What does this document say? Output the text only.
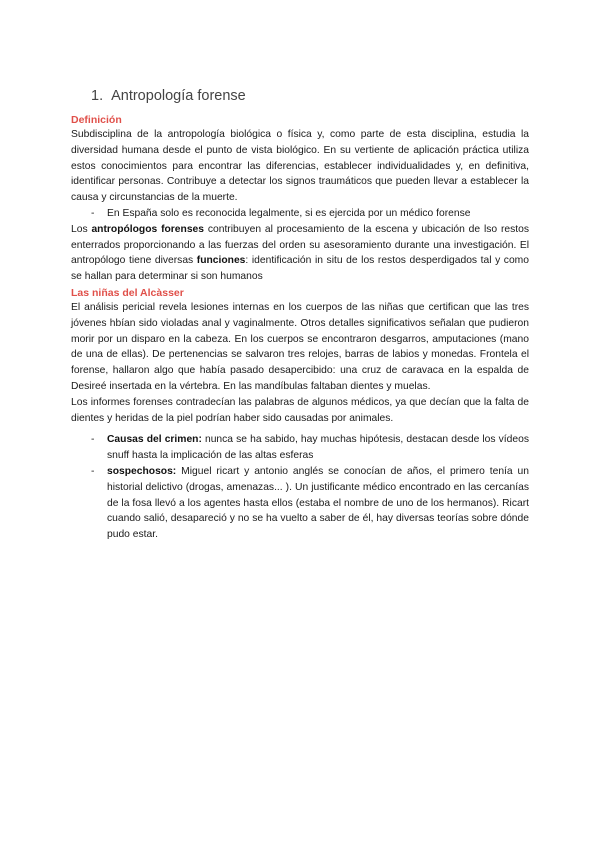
1. Antropología forense

Definición

Subdisciplina de la antropología biológica o física y, como parte de esta disciplina, estudia la diversidad humana desde el punto de vista biológico. En su vertiente de aplicación práctica utiliza estos conocimientos para encontrar las diferencias, establecer individualidades y, en definitiva, identificar personas. Contribuye a detectar los signos traumáticos que pueden llevar a establecer la causa y circunstancias de la muerte.

- En España solo es reconocida legalmente, si es ejercida por un médico forense

Los antropólogos forenses contribuyen al procesamiento de la escena y ubicación de lso restos enterrados proporcionando a las fuerzas del orden su asesoramiento durante una investigación. El antropólogo tiene diversas funciones: identificación in situ de los restos desperdigados tal y como se hallan para determinar si son humanos

Las niñas del Alcàsser

El análisis pericial revela lesiones internas en los cuerpos de las niñas que certifican que las tres jóvenes hbían sido violadas anal y vaginalmente. Otros detalles significativos señalan que pudieron morir por un disparo en la cabeza. En los cuerpos se encontraron desgarros, amputaciones (mano de una de ellas). De pertenencias se salvaron tres relojes, barras de labios y monedas. Frontela el forense, hallaron algo que había pasado desapercibido: una cruz de caravaca en la espalda de Desireé insertada en la vértebra. En las mandíbulas faltaban dientes y muelas.

Los informes forenses contradecían las palabras de algunos médicos, ya que decían que la falta de dientes y heridas de la piel podrían haber sido causadas por animales.

- Causas del crimen: nunca se ha sabido, hay muchas hipótesis, destacan desde los vídeos snuff hasta la implicación de las altas esferas
- sospechosos: Miguel ricart y antonio anglés se conocían de años, el primero tenía un historial delictivo (drogas, amenazas... ). Un justificante médico encontrado en las cercanías de la fosa llevó a los agentes hasta ellos (estaba el nombre de uno de los hermanos). Ricart cuando salió, desapareció y no se ha vuelto a saber de él, hay diversas teorías sobre dónde pudo estar.
